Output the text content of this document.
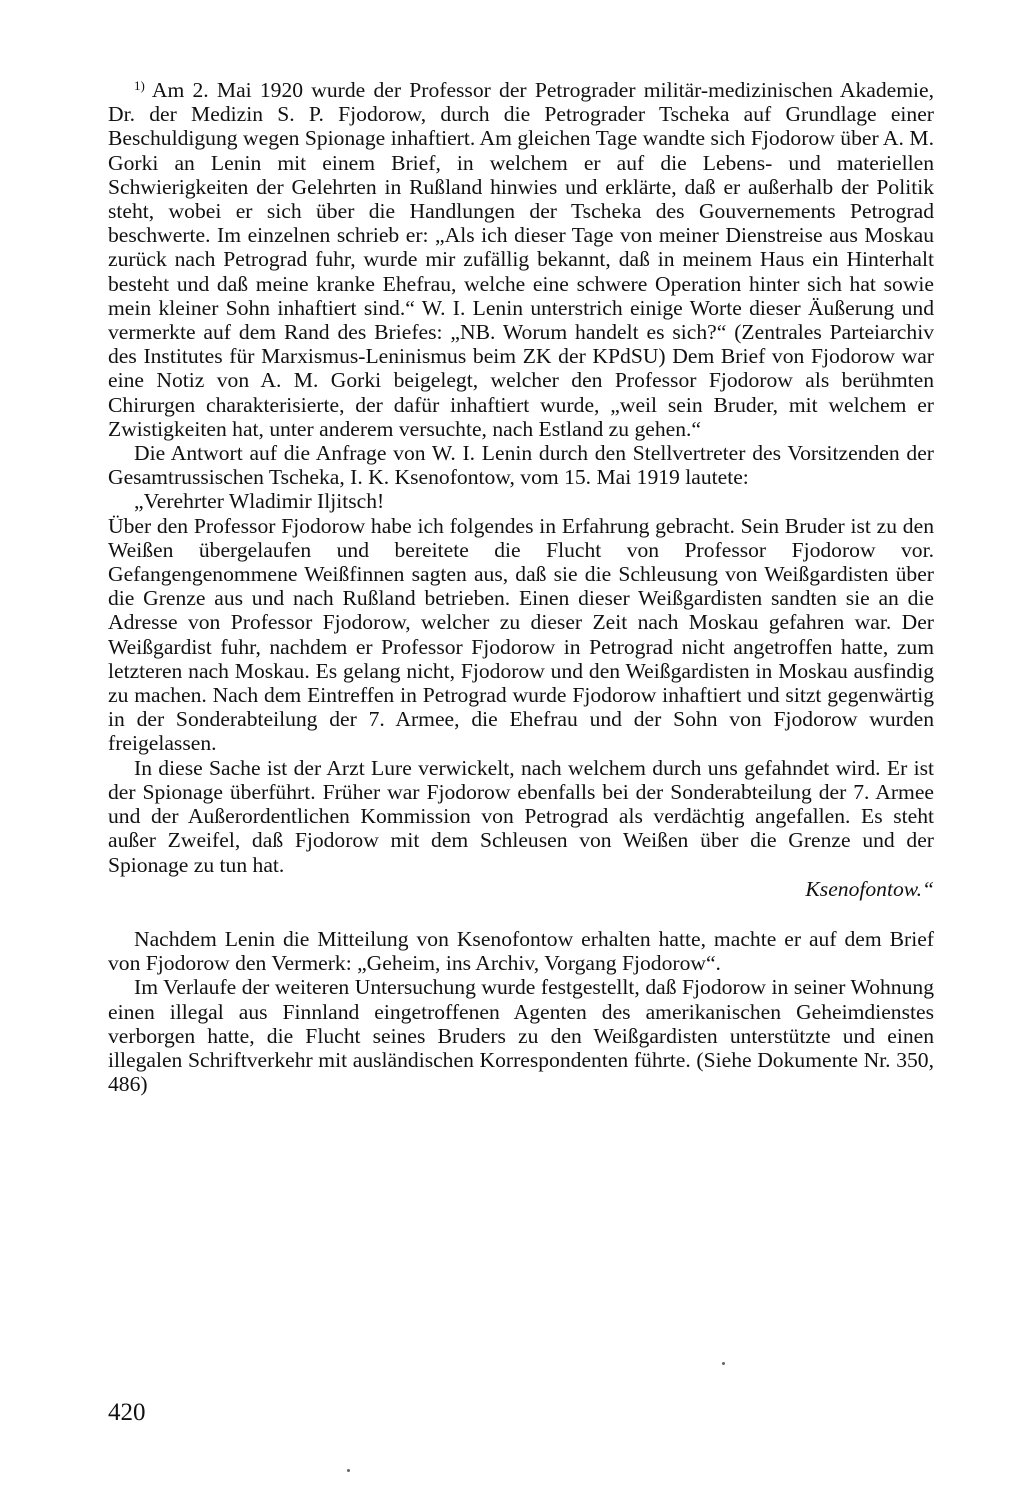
$^{1)}$ Am 2. Mai 1920 wurde der Professor der Petrograder militär-medizinischen Akademie, Dr. der Medizin S. P. Fjodorow, durch die Petrograder Tscheka auf Grundlage einer Beschuldigung wegen Spionage inhaftiert. Am gleichen Tage wandte sich Fjodorow über A. M. Gorki an Lenin mit einem Brief, in welchem er auf die Lebens- und materiellen Schwierigkeiten der Gelehrten in Rußland hinwies und erklärte, daß er außerhalb der Politik steht, wobei er sich über die Handlungen der Tscheka des Gouvernements Petrograd beschwerte. Im einzelnen schrieb er: „Als ich dieser Tage von meiner Dienstreise aus Moskau zurück nach Petrograd fuhr, wurde mir zufällig bekannt, daß in meinem Haus ein Hinterhalt besteht und daß meine kranke Ehefrau, welche eine schwere Operation hinter sich hat sowie mein kleiner Sohn inhaftiert sind.“ W. I. Lenin unterstrich einige Worte dieser Äußerung und vermerkte auf dem Rand des Briefes: „NB. Worum handelt es sich?“ (Zentrales Parteiarchiv des Institutes für Marxismus-Leninismus beim ZK der KPdSU) Dem Brief von Fjodorow war eine Notiz von A. M. Gorki beigelegt, welcher den Professor Fjodorow als berühmten Chirurgen charakterisierte, der dafür inhaftiert wurde, „weil sein Bruder, mit welchem er Zwistigkeiten hat, unter anderem versuchte, nach Estland zu gehen.“

Die Antwort auf die Anfrage von W. I. Lenin durch den Stellvertreter des Vorsitzenden der Gesamtrussischen Tscheka, I. K. Ksenofontow, vom 15. Mai 1919 lautete:

„Verehrter Wladimir Iljitsch!

Über den Professor Fjodorow habe ich folgendes in Erfahrung gebracht. Sein Bruder ist zu den Weißen übergelaufen und bereitete die Flucht von Professor Fjodorow vor. Gefangengenommene Weißfinnen sagten aus, daß sie die Schleusung von Weißgardisten über die Grenze aus und nach Rußland betrieben. Einen dieser Weißgardisten sandten sie an die Adresse von Professor Fjodorow, welcher zu dieser Zeit nach Moskau gefahren war. Der Weißgardist fuhr, nachdem er Professor Fjodorow in Petrograd nicht angetroffen hatte, zum letzteren nach Moskau. Es gelang nicht, Fjodorow und den Weißgardisten in Moskau ausfindig zu machen. Nach dem Eintreffen in Petrograd wurde Fjodorow inhaftiert und sitzt gegenwärtig in der Sonderabteilung der 7. Armee, die Ehefrau und der Sohn von Fjodorow wurden freigelassen.

In diese Sache ist der Arzt Lure verwickelt, nach welchem durch uns gefahndet wird. Er ist der Spionage überführt. Früher war Fjodorow ebenfalls bei der Sonderabteilung der 7. Armee und der Außerordentlichen Kommission von Petrograd als verdächtig angefallen. Es steht außer Zweifel, daß Fjodorow mit dem Schleusen von Weißen über die Grenze und der Spionage zu tun hat.

Ksenofontow.“

Nachdem Lenin die Mitteilung von Ksenofontow erhalten hatte, machte er auf dem Brief von Fjodorow den Vermerk: „Geheim, ins Archiv, Vorgang Fjodorow“.

Im Verlaufe der weiteren Untersuchung wurde festgestellt, daß Fjodorow in seiner Wohnung einen illegal aus Finnland eingetroffenen Agenten des amerikanischen Geheimdienstes verborgen hatte, die Flucht seines Bruders zu den Weißgardisten unterstützte und einen illegalen Schriftverkehr mit ausländischen Korrespondenten führte. (Siehe Dokumente Nr. 350, 486)

420
